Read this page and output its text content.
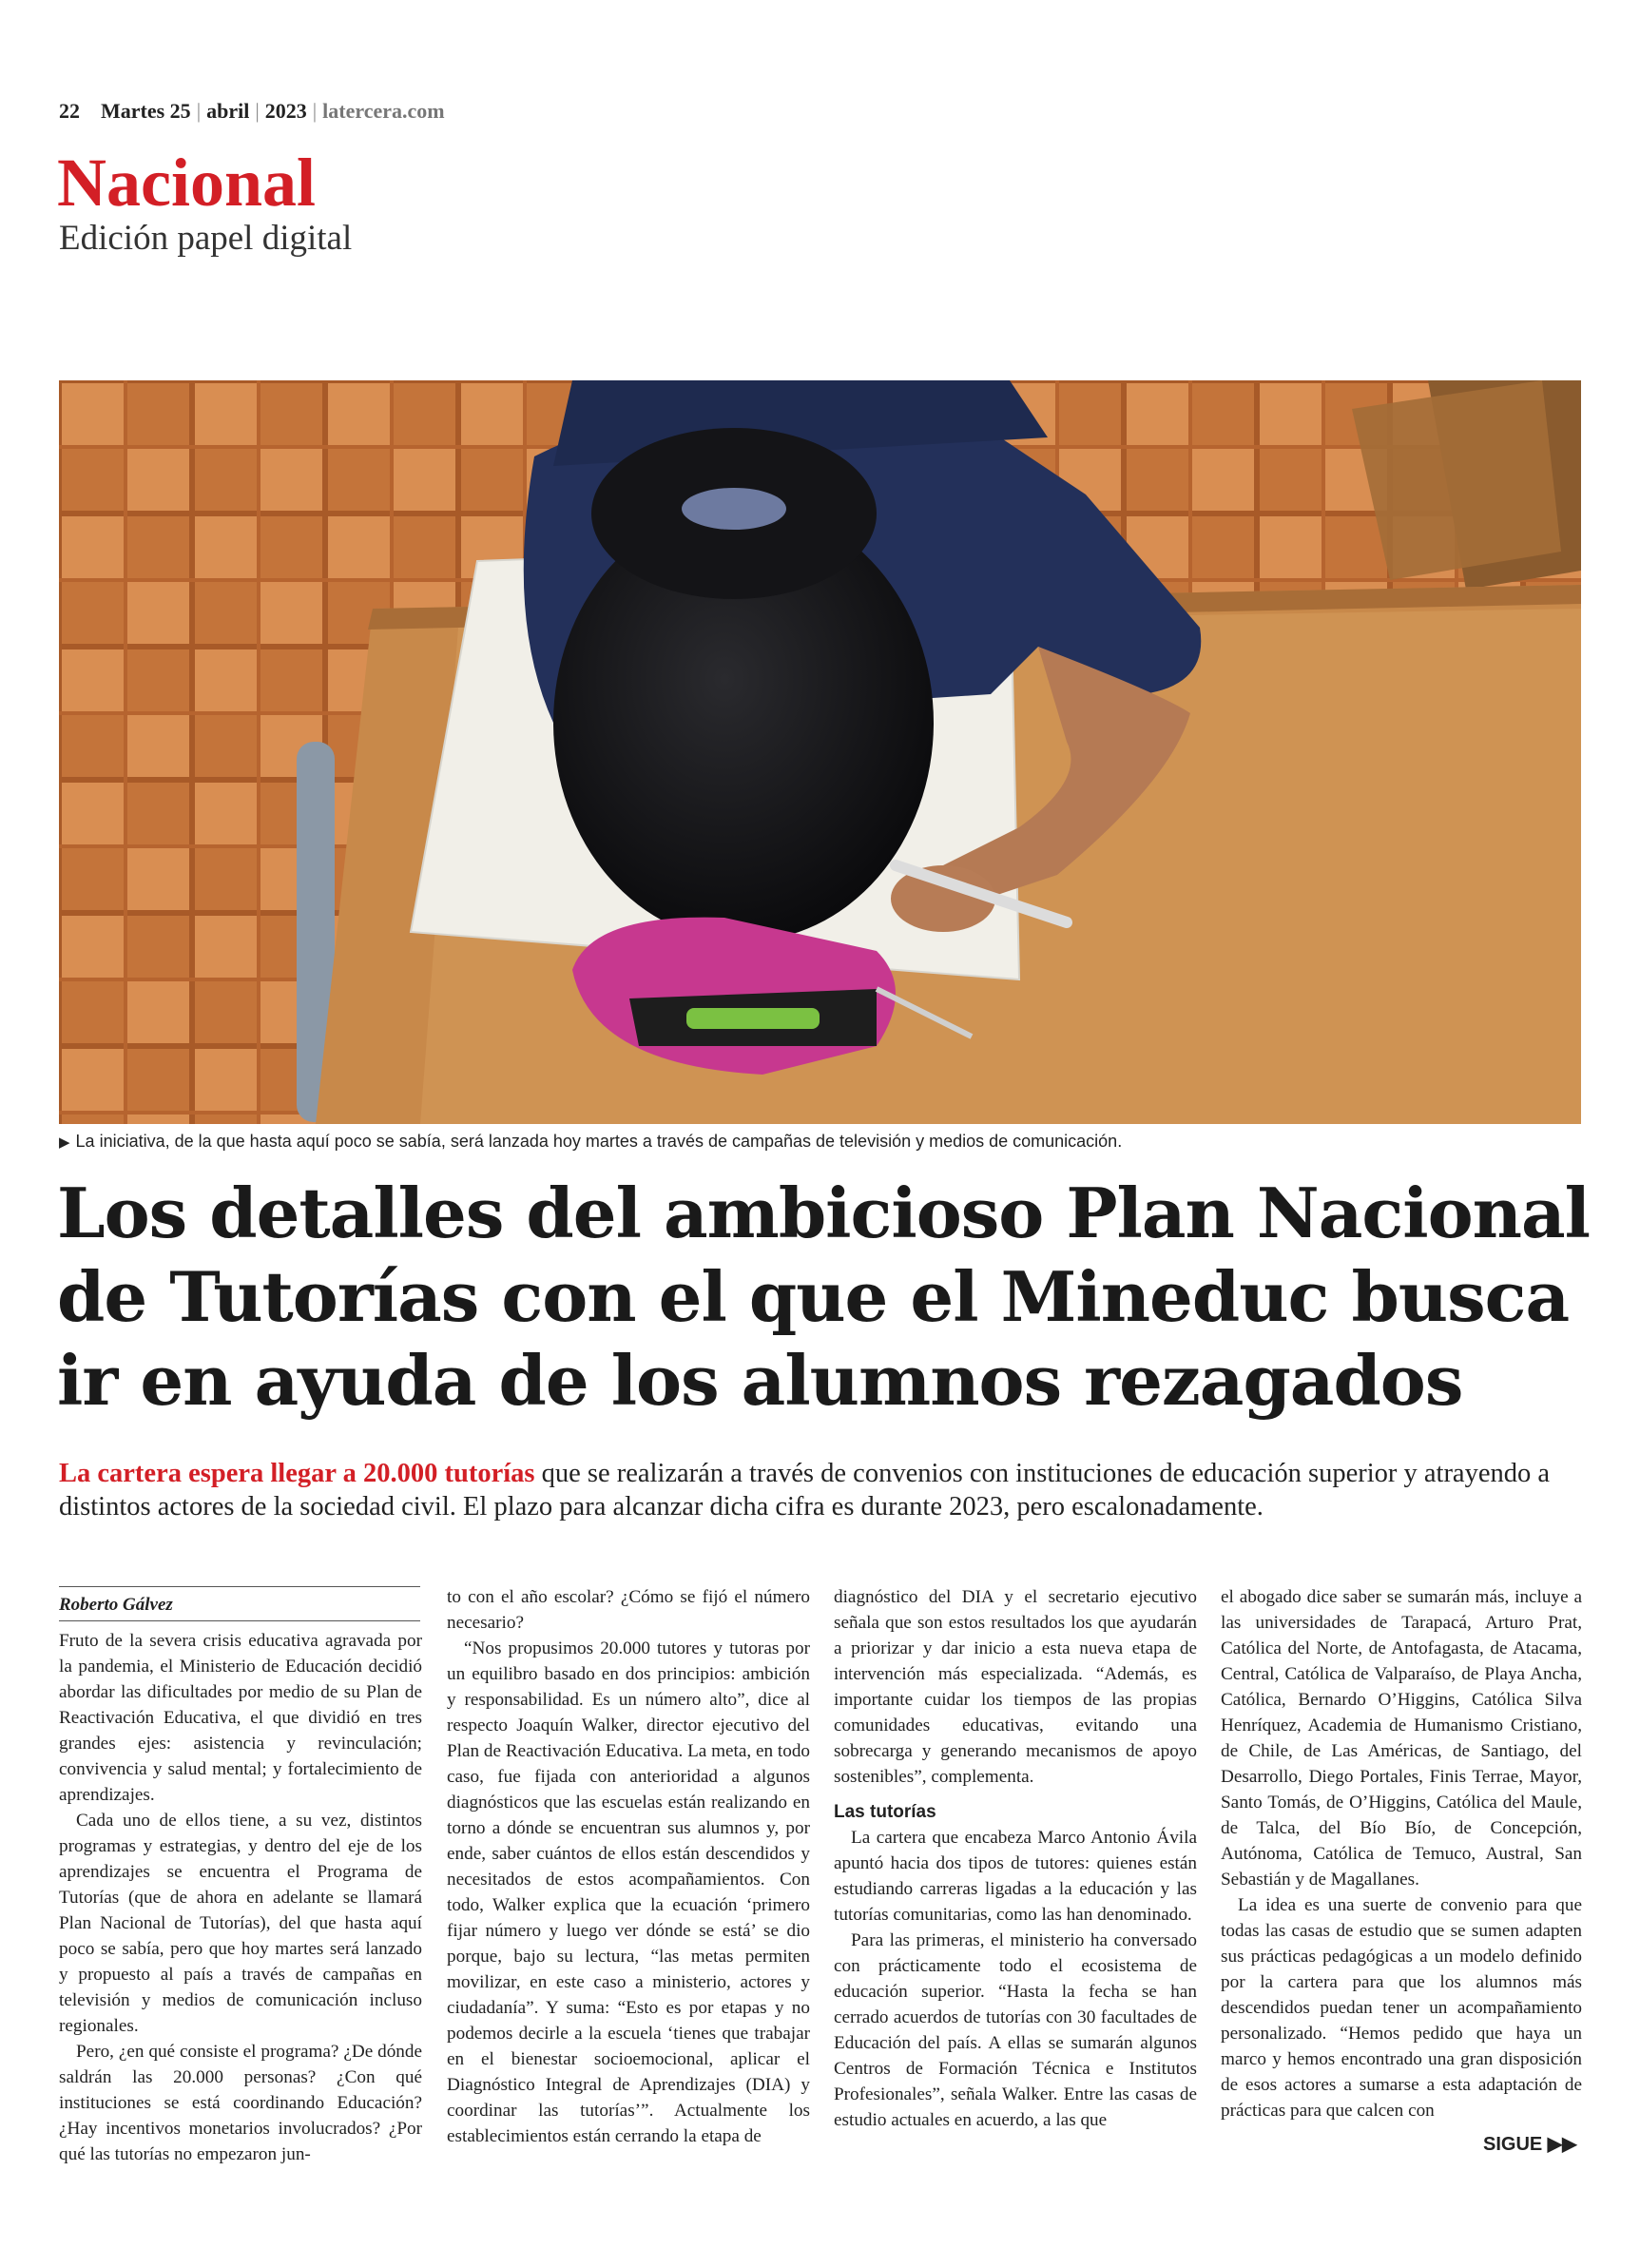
22 Martes 25 | abril | 2023 | latercera.com
Nacional
Edición papel digital
▶ La iniciativa, de la que hasta aquí poco se sabía, será lanzada hoy martes a través de campañas de televisión y medios de comunicación.
Los detalles del ambicioso Plan Nacional
de Tutorías con el que el Mineduc busca
ir en ayuda de los alumnos rezagados
La cartera espera llegar a 20.000 tutorías que se realizarán a través de convenios con instituciones de educación superior y atrayendo a distintos actores de la sociedad civil. El plazo para alcanzar dicha cifra es durante 2023, pero escalonadamente.
Roberto Gálvez

Fruto de la severa crisis educativa agravada por la pandemia, el Ministerio de Educación decidió abordar las dificultades por medio de su Plan de Reactivación Educativa, el que dividió en tres grandes ejes: asistencia y revinculación; convivencia y salud mental; y fortalecimiento de aprendizajes.

Cada uno de ellos tiene, a su vez, distintos programas y estrategias, y dentro del eje de los aprendizajes se encuentra el Programa de Tutorías (que de ahora en adelante se llamará Plan Nacional de Tutorías), del que hasta aquí poco se sabía, pero que hoy martes será lanzado y propuesto al país a través de campañas en televisión y medios de comunicación incluso regionales.

Pero, ¿en qué consiste el programa? ¿De dónde saldrán las 20.000 personas? ¿Con qué instituciones se está coordinando Educación? ¿Hay incentivos monetarios involucrados? ¿Por qué las tutorías no empezaron jun-

to con el año escolar? ¿Cómo se fijó el número necesario?

“Nos propusimos 20.000 tutores y tutoras por un equilibro basado en dos principios: ambición y responsabilidad. Es un número alto”, dice al respecto Joaquín Walker, director ejecutivo del Plan de Reactivación Educativa. La meta, en todo caso, fue fijada con anterioridad a algunos diagnósticos que las escuelas están realizando en torno a dónde se encuentran sus alumnos y, por ende, saber cuántos de ellos están descendidos y necesitados de estos acompañamientos. Con todo, Walker explica que la ecuación ‘primero fijar número y luego ver dónde se está’ se dio porque, bajo su lectura, “las metas permiten movilizar, en este caso a ministerio, actores y ciudadanía”. Y suma: “Esto es por etapas y no podemos decirle a la escuela ‘tienes que trabajar en el bienestar socioemocional, aplicar el Diagnóstico Integral de Aprendizajes (DIA) y coordinar las tutorías’”. Actualmente los establecimientos están cerrando la etapa de

diagnóstico del DIA y el secretario ejecutivo señala que son estos resultados los que ayudarán a priorizar y dar inicio a esta nueva etapa de intervención más especializada. “Además, es importante cuidar los tiempos de las propias comunidades educativas, evitando una sobrecarga y generando mecanismos de apoyo sostenibles”, complementa.

Las tutorías

La cartera que encabeza Marco Antonio Ávila apuntó hacia dos tipos de tutores: quienes están estudiando carreras ligadas a la educación y las tutorías comunitarias, como las han denominado.

Para las primeras, el ministerio ha conversado con prácticamente todo el ecosistema de educación superior. “Hasta la fecha se han cerrado acuerdos de tutorías con 30 facultades de Educación del país. A ellas se sumarán algunos Centros de Formación Técnica e Institutos Profesionales”, señala Walker. Entre las casas de estudio actuales en acuerdo, a las que

el abogado dice saber se sumarán más, incluye a las universidades de Tarapacá, Arturo Prat, Católica del Norte, de Antofagasta, de Atacama, Central, Católica de Valparaíso, de Playa Ancha, Católica, Bernardo O’Higgins, Católica Silva Henríquez, Academia de Humanismo Cristiano, de Chile, de Las Américas, de Santiago, del Desarrollo, Diego Portales, Finis Terrae, Mayor, Santo Tomás, de O’Higgins, Católica del Maule, de Talca, del Bío Bío, de Concepción, Autónoma, Católica de Temuco, Austral, San Sebastián y de Magallanes.

La idea es una suerte de convenio para que todas las casas de estudio que se sumen adapten sus prácticas pedagógicas a un modelo definido por la cartera para que los alumnos más descendidos puedan tener un acompañamiento personalizado. “Hemos pedido que haya un marco y hemos encontrado una gran disposición de esos actores a sumarse a esta adaptación de prácticas para que calcen con

SIGUE ▶▶
